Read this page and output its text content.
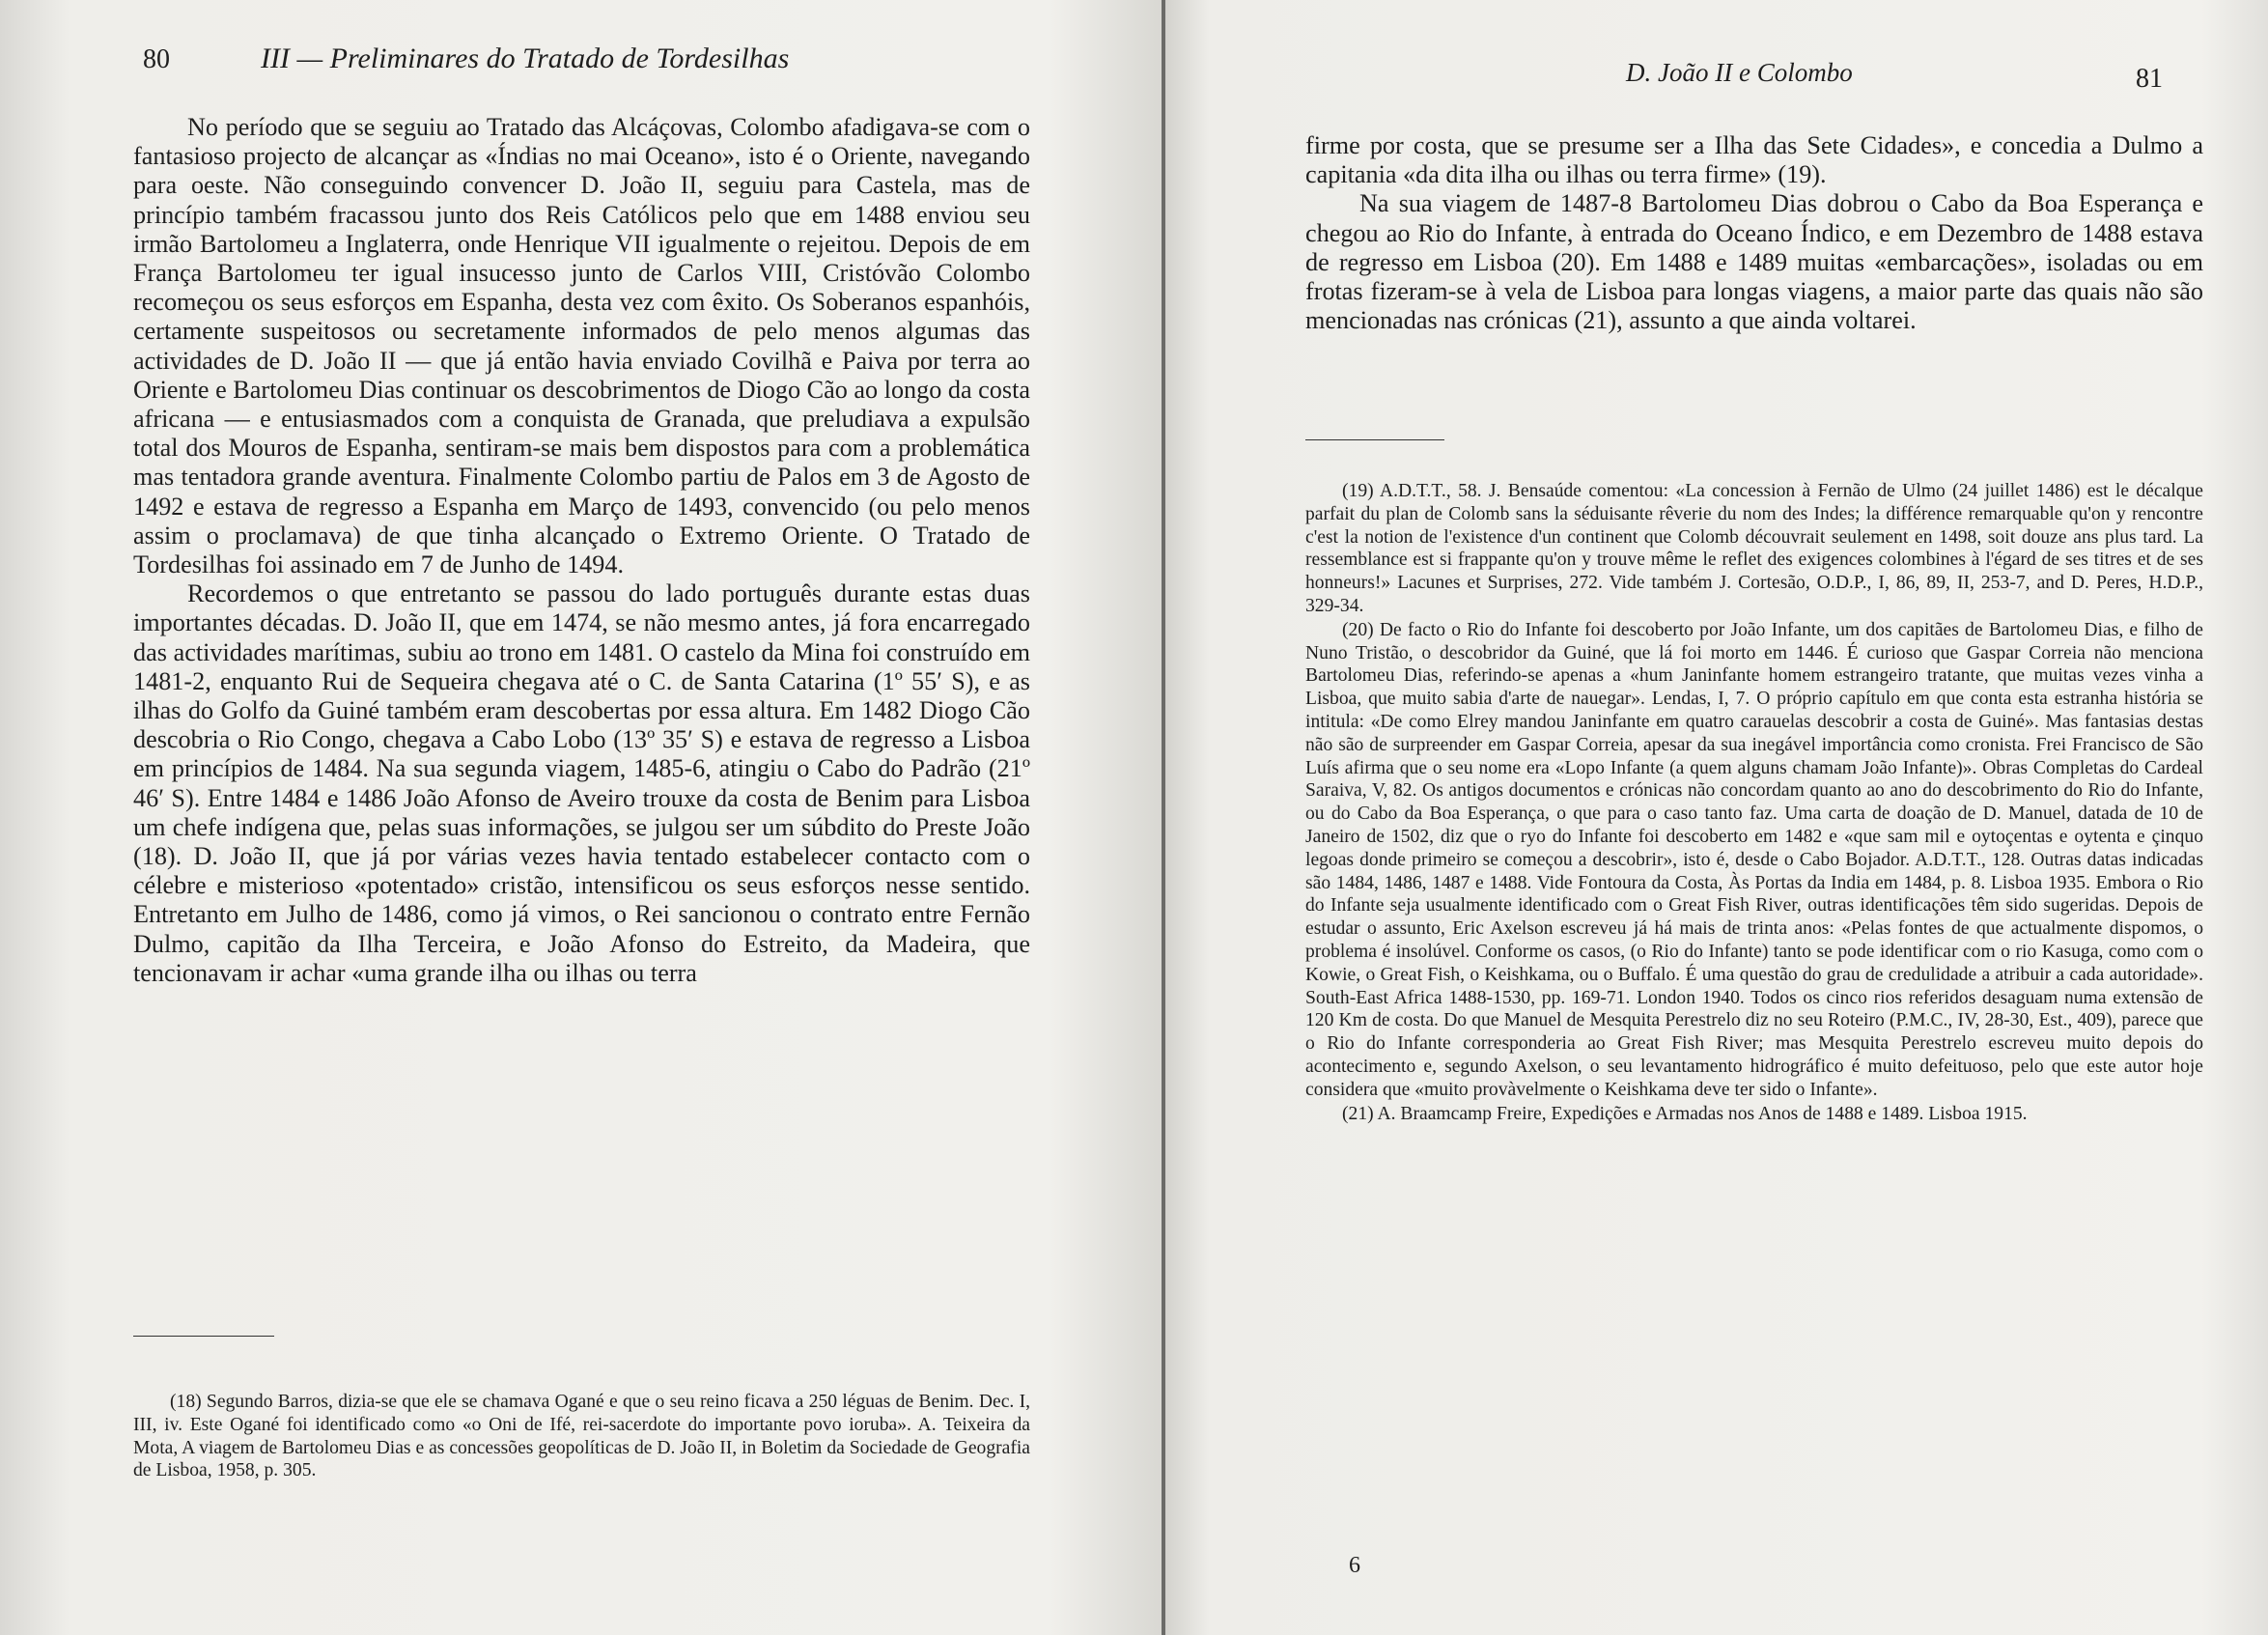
80	III — Preliminares do Tratado de Tordesilhas

No período que se seguiu ao Tratado das Alcáçovas, Colombo afadigava-se com o fantasioso projecto de alcançar as «Índias no mai Oceano», isto é o Oriente, navegando para oeste. Não conseguindo convencer D. João II, seguiu para Castela, mas de princípio também fracassou junto dos Reis Católicos pelo que em 1488 enviou seu irmão Bartolomeu a Inglaterra, onde Henrique VII igualmente o rejeitou. Depois de em França Bartolomeu ter igual insucesso junto de Carlos VIII, Cristóvão Colombo recomeçou os seus esforços em Espanha, desta vez com êxito. Os Soberanos espanhóis, certamente suspeitosos ou secretamente informados de pelo menos algumas das actividades de D. João II — que já então havia enviado Covilhã e Paiva por terra ao Oriente e Bartolomeu Dias continuar os descobrimentos de Diogo Cão ao longo da costa africana — e entusiasmados com a conquista de Granada, que preludiava a expulsão total dos Mouros de Espanha, sentiram-se mais bem dispostos para com a problemática mas tentadora grande aventura. Finalmente Colombo partiu de Palos em 3 de Agosto de 1492 e estava de regresso a Espanha em Março de 1493, convencido (ou pelo menos assim o proclamava) de que tinha alcançado o Extremo Oriente. O Tratado de Tordesilhas foi assinado em 7 de Junho de 1494.

Recordemos o que entretanto se passou do lado português durante estas duas importantes décadas. D. João II, que em 1474, se não mesmo antes, já fora encarregado das actividades marítimas, subiu ao trono em 1481. O castelo da Mina foi construído em 1481-2, enquanto Rui de Sequeira chegava até o C. de Santa Catarina (1º 55′ S), e as ilhas do Golfo da Guiné também eram descobertas por essa altura. Em 1482 Diogo Cão descobria o Rio Congo, chegava a Cabo Lobo (13º 35′ S) e estava de regresso a Lisboa em princípios de 1484. Na sua segunda viagem, 1485-6, atingiu o Cabo do Padrão (21º 46′ S). Entre 1484 e 1486 João Afonso de Aveiro trouxe da costa de Benim para Lisboa um chefe indígena que, pelas suas informações, se julgou ser um súbdito do Preste João (18). D. João II, que já por várias vezes havia tentado estabelecer contacto com o célebre e misterioso «potentado» cristão, intensificou os seus esforços nesse sentido. Entretanto em Julho de 1486, como já vimos, o Rei sancionou o contrato entre Fernão Dulmo, capitão da Ilha Terceira, e João Afonso do Estreito, da Madeira, que tencionavam ir achar «uma grande ilha ou ilhas ou terra

(18) Segundo Barros, dizia-se que ele se chamava Ogané e que o seu reino ficava a 250 léguas de Benim. Dec. I, III, iv. Este Ogané foi identificado como «o Oni de Ifé, rei-sacerdote do importante povo ioruba». A. Teixeira da Mota, A viagem de Bartolomeu Dias e as concessões geopolíticas de D. João II, in Boletim da Sociedade de Geografia de Lisboa, 1958, p. 305.

D. João II e Colombo	81

firme por costa, que se presume ser a Ilha das Sete Cidades», e concedia a Dulmo a capitania «da dita ilha ou ilhas ou terra firme» (19).

Na sua viagem de 1487-8 Bartolomeu Dias dobrou o Cabo da Boa Esperança e chegou ao Rio do Infante, à entrada do Oceano Índico, e em Dezembro de 1488 estava de regresso em Lisboa (20). Em 1488 e 1489 muitas «embarcações», isoladas ou em frotas fizeram-se à vela de Lisboa para longas viagens, a maior parte das quais não são mencionadas nas crónicas (21), assunto a que ainda voltarei.

(19) A.D.T.T., 58. J. Bensaúde comentou: «La concession à Fernão de Ulmo (24 juillet 1486) est le décalque parfait du plan de Colomb sans la séduisante rêverie du nom des Indes; la différence remarquable qu'on y rencontre c'est la notion de l'existence d'un continent que Colomb découvrait seulement en 1498, soit douze ans plus tard. La ressemblance est si frappante qu'on y trouve même le reflet des exigences colombines à l'égard de ses titres et de ses honneurs!» Lacunes et Surprises, 272. Vide também J. Cortesão, O.D.P., I, 86, 89, II, 253-7, and D. Peres, H.D.P., 329-34.

(20) De facto o Rio do Infante foi descoberto por João Infante, um dos capitães de Bartolomeu Dias, e filho de Nuno Tristão, o descobridor da Guiné, que lá foi morto em 1446. É curioso que Gaspar Correia não menciona Bartolomeu Dias, referindo-se apenas a «hum Janinfante homem estrangeiro tratante, que muitas vezes vinha a Lisboa, que muito sabia d'arte de nauegar». Lendas, I, 7. O próprio capítulo em que conta esta estranha história se intitula: «De como Elrey mandou Janinfante em quatro carauelas descobrir a costa de Guiné». Mas fantasias destas não são de surpreender em Gaspar Correia, apesar da sua inegável importância como cronista. Frei Francisco de São Luís afirma que o seu nome era «Lopo Infante (a quem alguns chamam João Infante)». Obras Completas do Cardeal Saraiva, V, 82. Os antigos documentos e crónicas não concordam quanto ao ano do descobrimento do Rio do Infante, ou do Cabo da Boa Esperança, o que para o caso tanto faz. Uma carta de doação de D. Manuel, datada de 10 de Janeiro de 1502, diz que o ryo do Infante foi descoberto em 1482 e «que sam mil e oytoçentas e oytenta e çinquo legoas donde primeiro se começou a descobrir», isto é, desde o Cabo Bojador. A.D.T.T., 128. Outras datas indicadas são 1484, 1486, 1487 e 1488. Vide Fontoura da Costa, Às Portas da India em 1484, p. 8. Lisboa 1935. Embora o Rio do Infante seja usualmente identificado com o Great Fish River, outras identificações têm sido sugeridas. Depois de estudar o assunto, Eric Axelson escreveu já há mais de trinta anos: «Pelas fontes de que actualmente dispomos, o problema é insolúvel. Conforme os casos, (o Rio do Infante) tanto se pode identificar com o rio Kasuga, como com o Kowie, o Great Fish, o Keishkama, ou o Buffalo. É uma questão do grau de credulidade a atribuir a cada autoridade». South-East Africa 1488-1530, pp. 169-71. London 1940. Todos os cinco rios referidos desaguam numa extensão de 120 Km de costa. Do que Manuel de Mesquita Perestrelo diz no seu Roteiro (P.M.C., IV, 28-30, Est., 409), parece que o Rio do Infante corresponderia ao Great Fish River; mas Mesquita Perestrelo escreveu muito depois do acontecimento e, segundo Axelson, o seu levantamento hidrográfico é muito defeituoso, pelo que este autor hoje considera que «muito provàvelmente o Keishkama deve ter sido o Infante».

(21) A. Braamcamp Freire, Expedições e Armadas nos Anos de 1488 e 1489. Lisboa 1915.

6
